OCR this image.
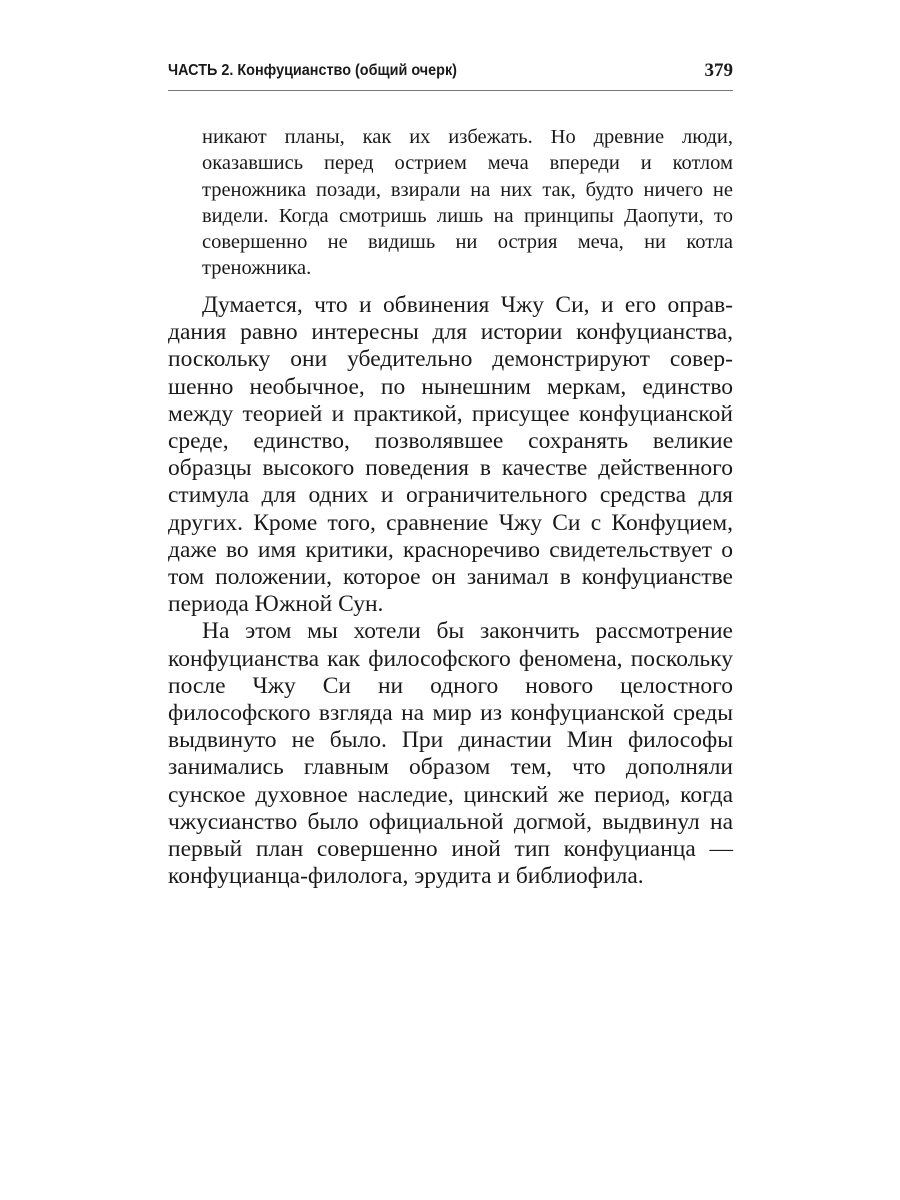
ЧАСТЬ 2. Конфуцианство (общий очерк)	379

никают планы, как их избежать. Но древние люди, оказавшись перед острием меча впереди и котлом треножника позади, взирали на них так, будто ничего не видели. Когда смотришь лишь на принципы Даопути, то совершенно не видишь ни острия меча, ни котла треножника.

Думается, что и обвинения Чжу Си, и его оправдания равно интересны для истории конфуцианства, поскольку они убедительно демонстрируют совершенно необычное, по нынешним меркам, единство между теорией и практикой, присущее конфуцианской среде, единство, позволявшее сохранять великие образцы высокого поведения в качестве действенного стимула для одних и ограничительного средства для других. Кроме того, сравнение Чжу Си с Конфуцием, даже во имя критики, красноречиво свидетельствует о том положении, которое он занимал в конфуцианстве периода Южной Сун.

На этом мы хотели бы закончить рассмотрение конфуцианства как философского феномена, поскольку после Чжу Си ни одного нового целостного философского взгляда на мир из конфуцианской среды выдвинуто не было. При династии Мин философы занимались главным образом тем, что дополняли сунское духовное наследие, цинский же период, когда чжусианство было официальной догмой, выдвинул на первый план совершенно иной тип конфуцианца — конфуцианца-филолога, эрудита и библиофила.
